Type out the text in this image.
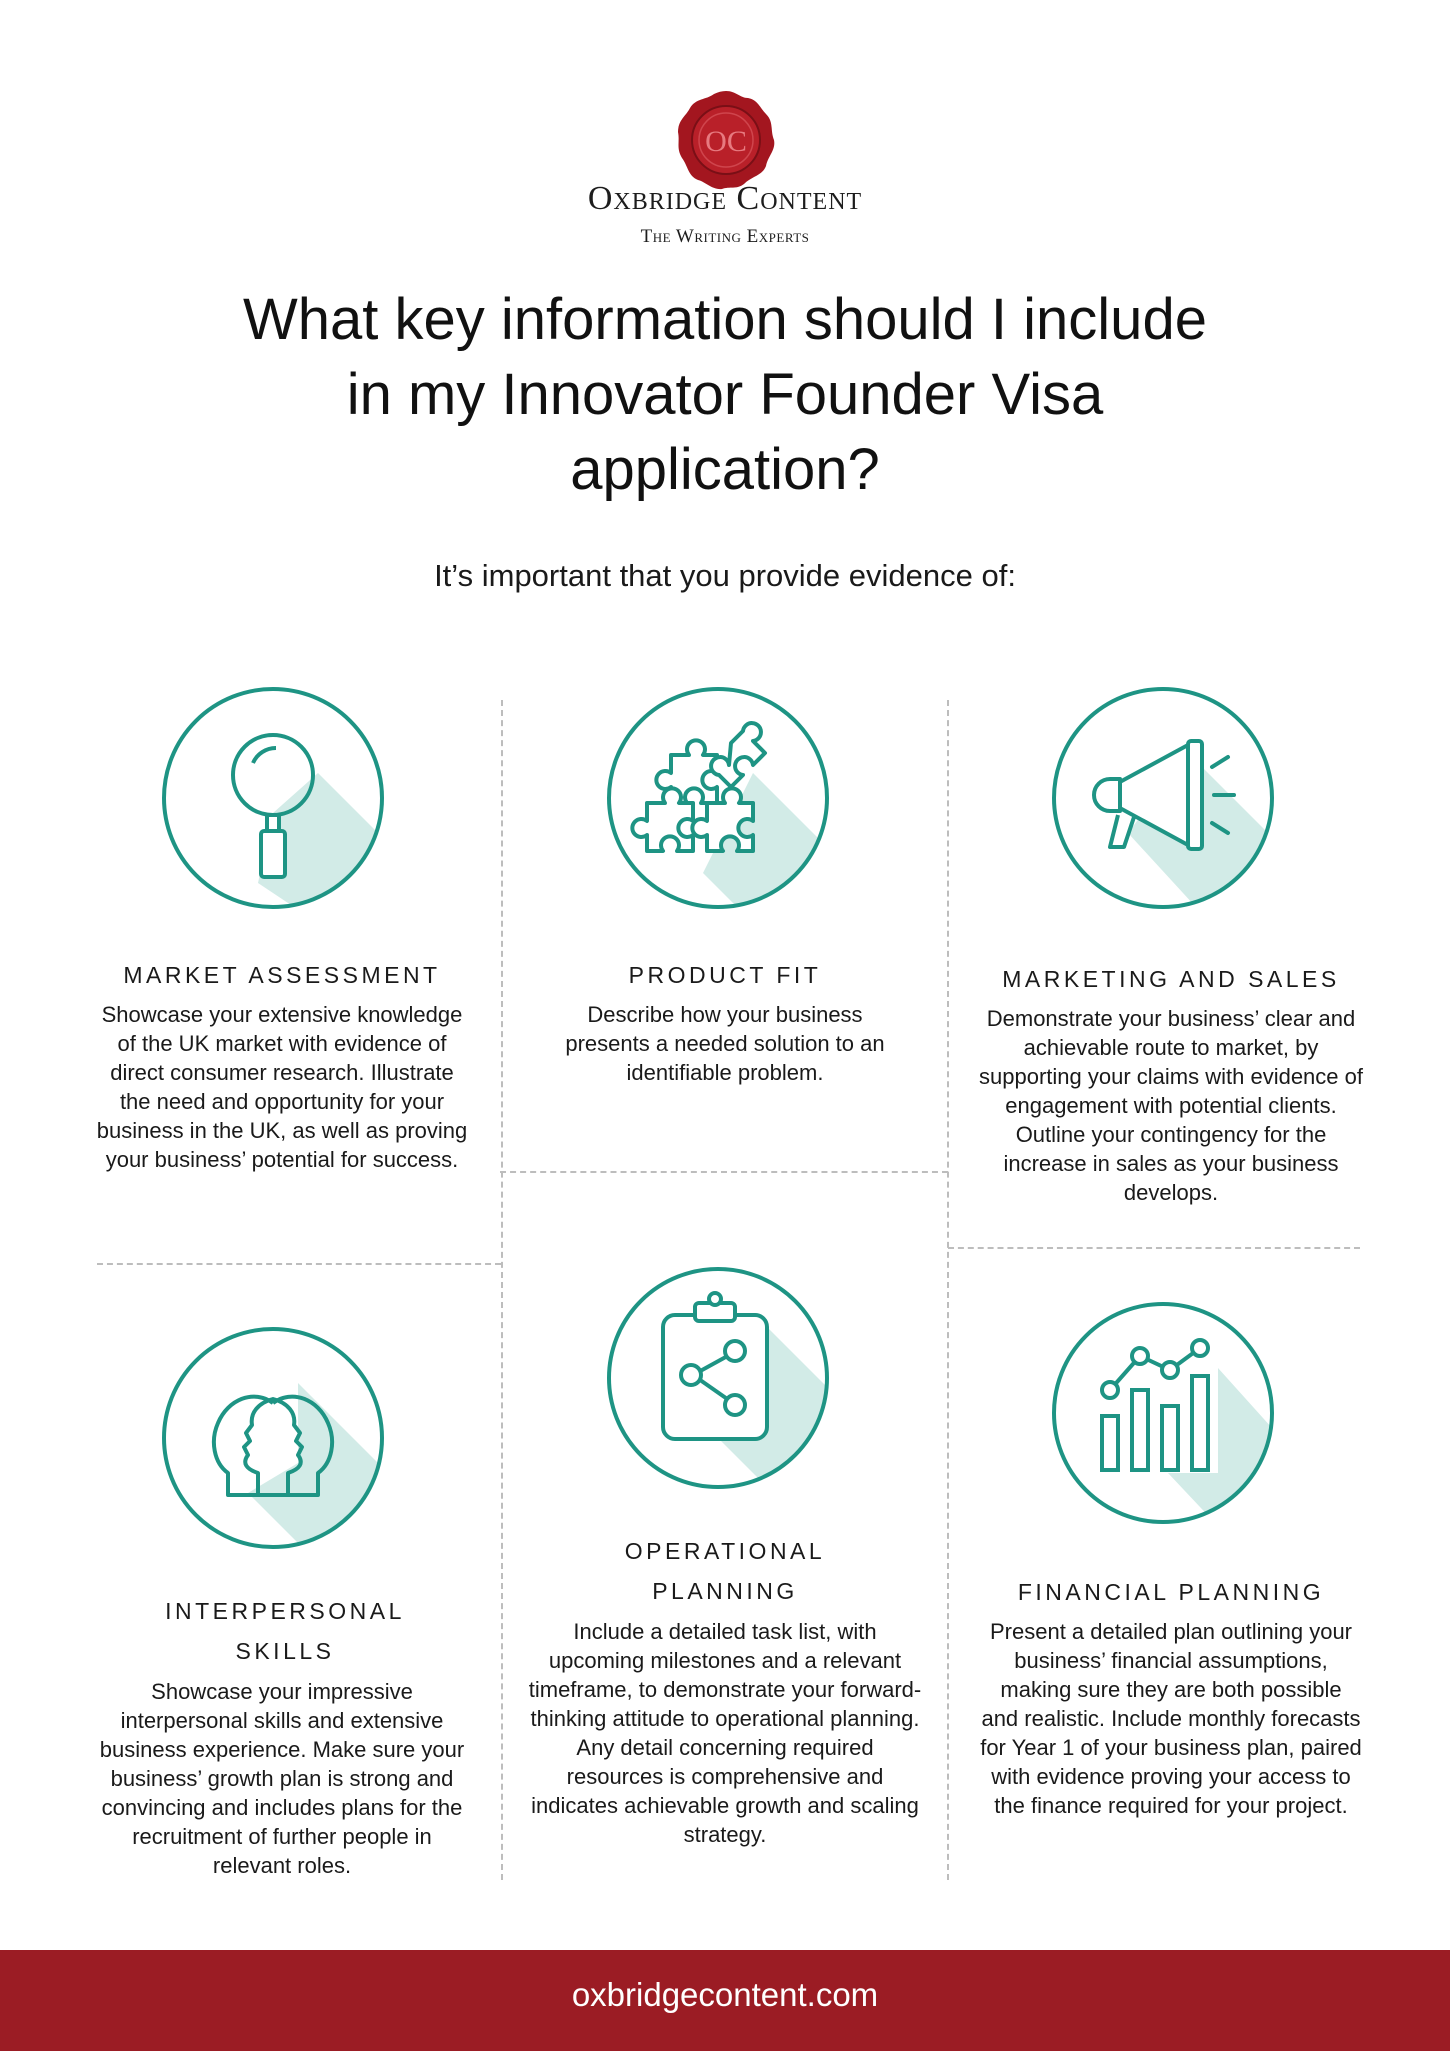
OC
Oxbridge Content
The Writing Experts
What key information should I include in my Innovator Founder Visa application?
It’s important that you provide evidence of:
MARKET ASSESSMENT
Showcase your extensive knowledge of the UK market with evidence of direct consumer research. Illustrate the need and opportunity for your business in the UK, as well as proving your business’ potential for success.
PRODUCT FIT
Describe how your business presents a needed solution to an identifiable problem.
MARKETING AND SALES
Demonstrate your business’ clear and achievable route to market, by supporting your claims with evidence of engagement with potential clients. Outline your contingency for the increase in sales as your business develops.
INTERPERSONAL SKILLS
Showcase your impressive interpersonal skills and extensive business experience. Make sure your business’ growth plan is strong and convincing and includes plans for the recruitment of further people in relevant roles.
OPERATIONAL PLANNING
Include a detailed task list, with upcoming milestones and a relevant timeframe, to demonstrate your forward-thinking attitude to operational planning. Any detail concerning required resources is comprehensive and indicates achievable growth and scaling strategy.
FINANCIAL PLANNING
Present a detailed plan outlining your business’ financial assumptions, making sure they are both possible and realistic. Include monthly forecasts for Year 1 of your business plan, paired with evidence proving your access to the finance required for your project.
oxbridgecontent.com
